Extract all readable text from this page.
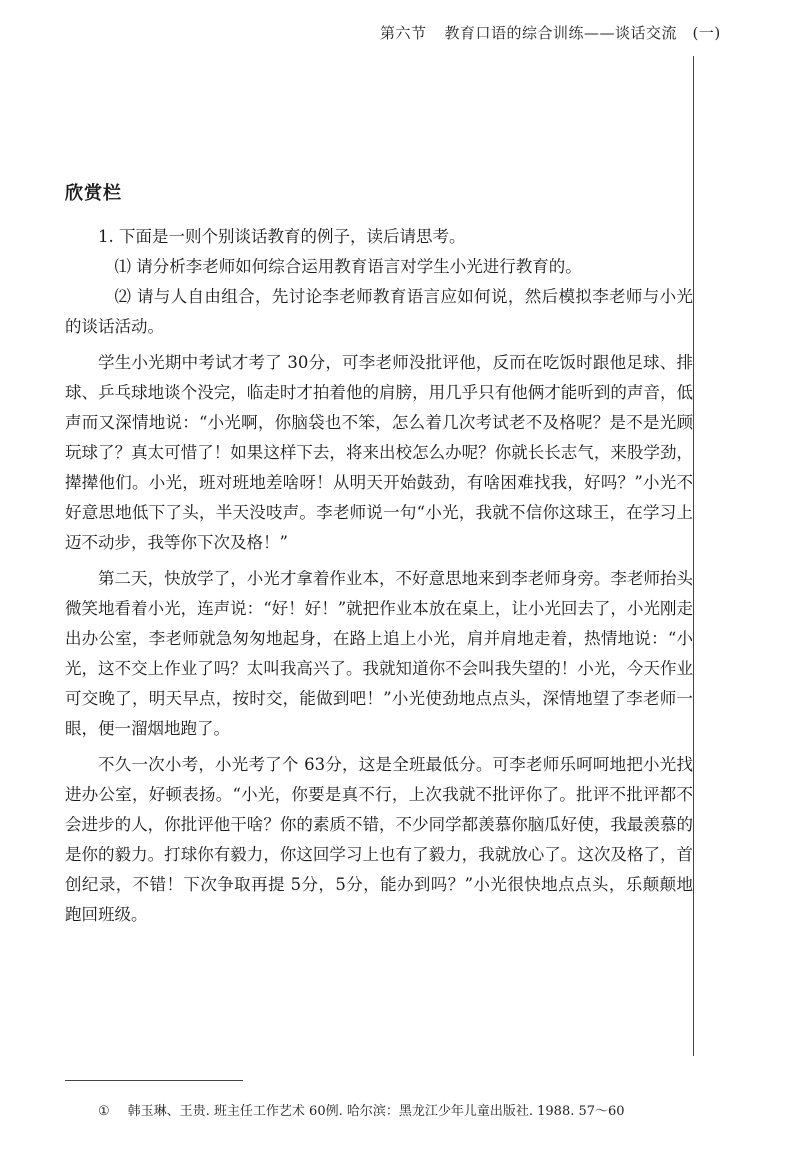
第六节 教育口语的综合训练——谈话交流　(一)
欣赏栏

1. 下面是一则个别谈话教育的例子，读后请思考。

⑴ 请分析李老师如何综合运用教育语言对学生小光进行教育的。

⑵ 请与人自由组合，先讨论李老师教育语言应如何说，然后模拟李老师与小光的谈话活动。

学生小光期中考试才考了 30分，可李老师没批评他，反而在吃饭时跟他足球、排球、乒乓球地谈个没完，临走时才拍着他的肩膀，用几乎只有他俩才能听到的声音，低声而又深情地说：“小光啊，你脑袋也不笨，怎么着几次考试老不及格呢？是不是光顾玩球了？真太可惜了！如果这样下去，将来出校怎么办呢？你就长长志气，来股学劲，撵撵他们。小光，班对班地差啥呀！从明天开始鼓劲，有啥困难找我，好吗？”小光不好意思地低下了头，半天没吱声。李老师说一句“小光，我就不信你这球王，在学习上迈不动步，我等你下次及格！”

第二天，快放学了，小光才拿着作业本，不好意思地来到李老师身旁。李老师抬头微笑地看着小光，连声说：“好！好！”就把作业本放在桌上，让小光回去了，小光刚走出办公室，李老师就急匆匆地起身，在路上追上小光，肩并肩地走着，热情地说：“小光，这不交上作业了吗？太叫我高兴了。我就知道你不会叫我失望的！小光，今天作业可交晚了，明天早点，按时交，能做到吧！”小光使劲地点点头，深情地望了李老师一眼，便一溜烟地跑了。

不久一次小考，小光考了个 63分，这是全班最低分。可李老师乐呵呵地把小光找进办公室，好顿表扬。“小光，你要是真不行，上次我就不批评你了。批评不批评都不会进步的人，你批评他干啥？你的素质不错，不少同学都羡慕你脑瓜好使，我最羡慕的是你的毅力。打球你有毅力，你这回学习上也有了毅力，我就放心了。这次及格了，首创纪录，不错！下次争取再提 5分，5分，能办到吗？”小光很快地点点头，乐颠颠地跑回班级。

① 韩玉琳、王贵. 班主任工作艺术 60例. 哈尔滨：黑龙江少年儿童出版社. 1988. 57～60
